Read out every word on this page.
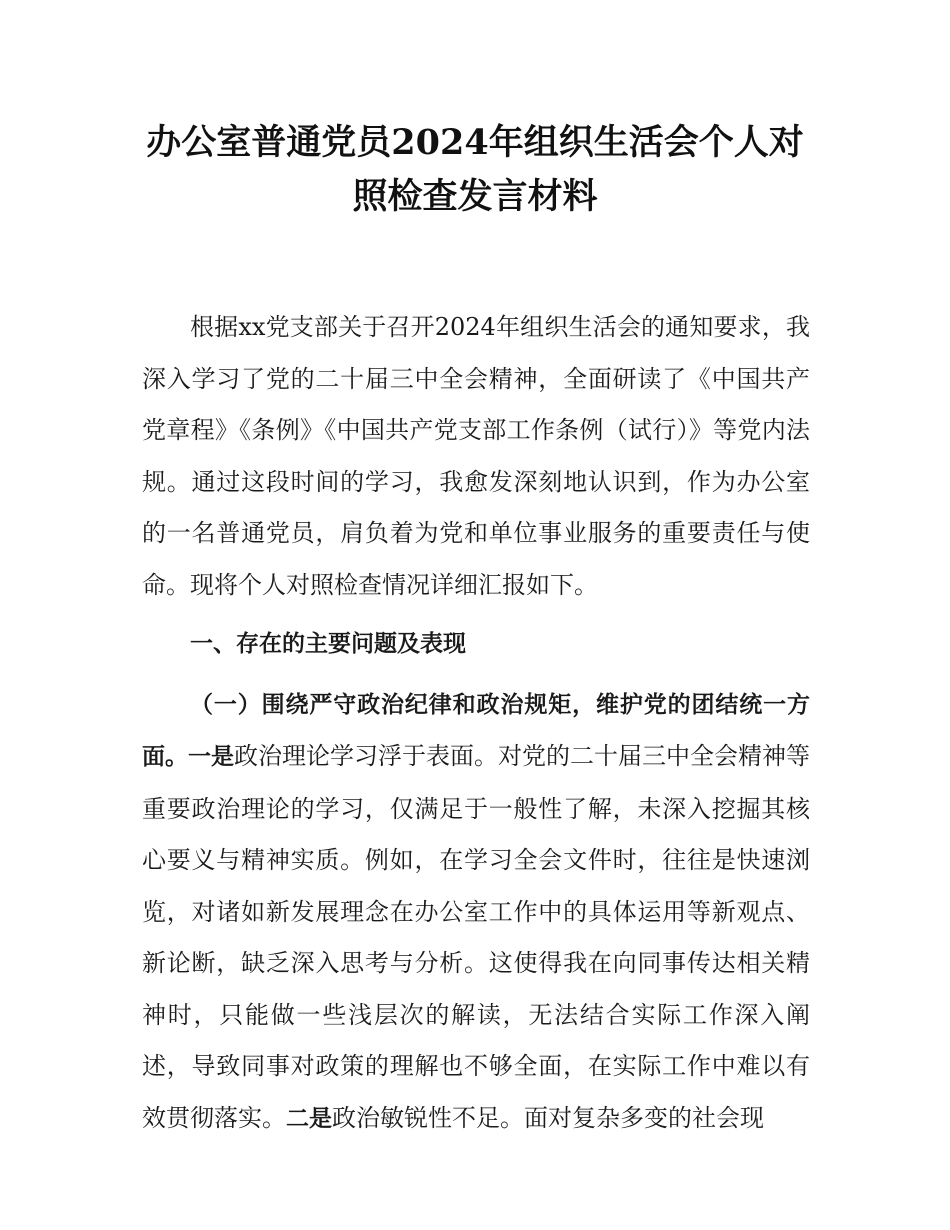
办公室普通党员2024年组织生活会个人对照检查发言材料

根据xx党支部关于召开2024年组织生活会的通知要求，我深入学习了党的二十届三中全会精神，全面研读了《中国共产党章程》《条例》《中国共产党支部工作条例（试行）》等党内法规。通过这段时间的学习，我愈发深刻地认识到，作为办公室的一名普通党员，肩负着为党和单位事业服务的重要责任与使命。现将个人对照检查情况详细汇报如下。

一、存在的主要问题及表现

（一）围绕严守政治纪律和政治规矩，维护党的团结统一方面。一是政治理论学习浮于表面。对党的二十届三中全会精神等重要政治理论的学习，仅满足于一般性了解，未深入挖掘其核心要义与精神实质。例如，在学习全会文件时，往往是快速浏览，对诸如新发展理念在办公室工作中的具体运用等新观点、新论断，缺乏深入思考与分析。这使得我在向同事传达相关精神时，只能做一些浅层次的解读，无法结合实际工作深入阐述，导致同事对政策的理解也不够全面，在实际工作中难以有效贯彻落实。二是政治敏锐性不足。面对复杂多变的社会现
